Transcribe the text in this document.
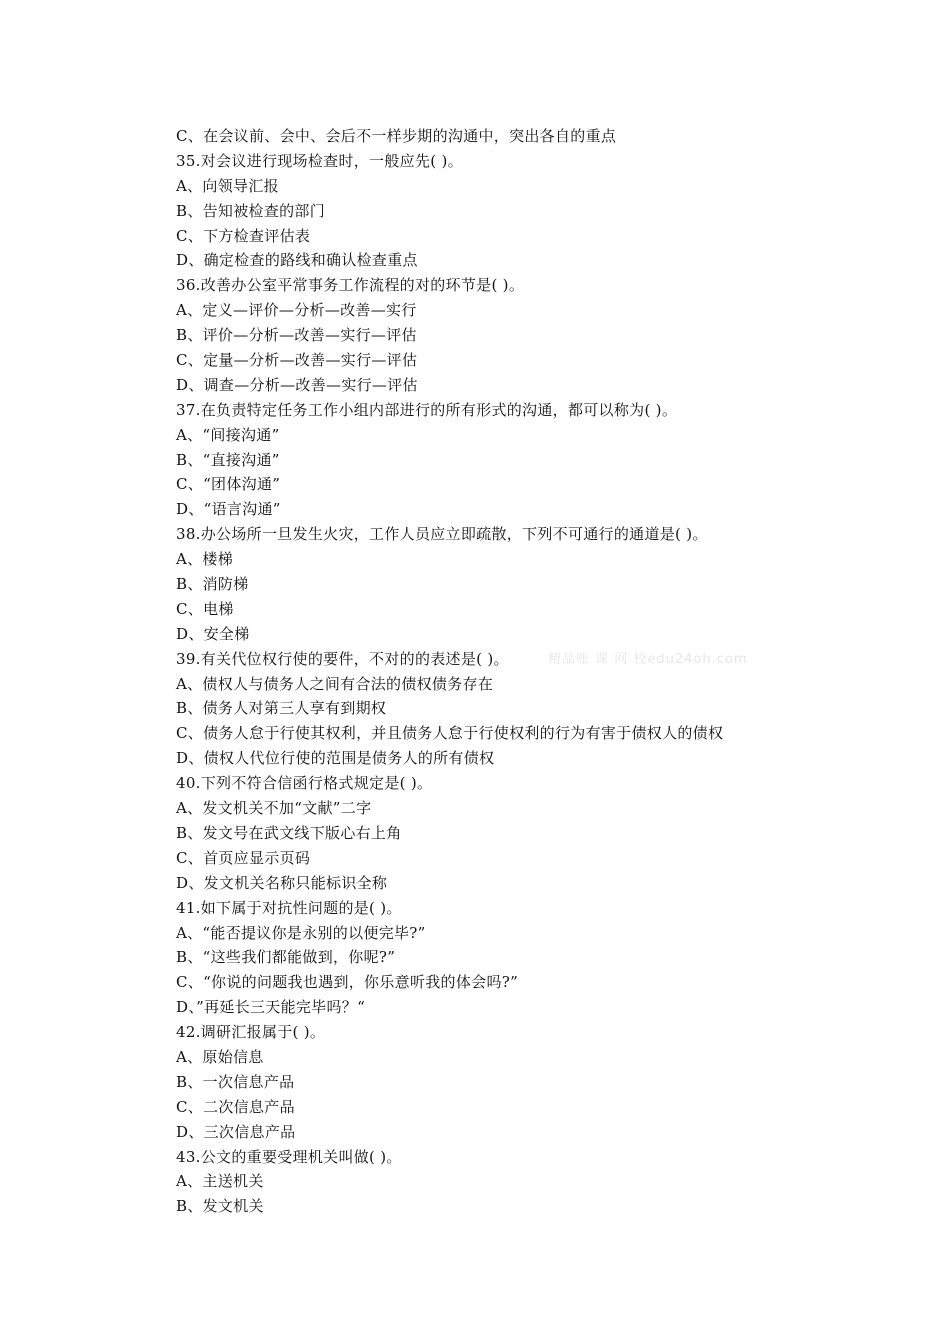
C、在会议前、会中、会后不一样步期的沟通中，突出各自的重点
35.对会议进行现场检查时，一般应先( )。
A、向领导汇报
B、告知被检查的部门
C、下方检查评估表
D、确定检查的路线和确认检查重点
36.改善办公室平常事务工作流程的对的环节是( )。
A、定义—评价—分析—改善—实行
B、评价—分析—改善—实行—评估
C、定量—分析—改善—实行—评估
D、调查—分析—改善—实行—评估
37.在负责特定任务工作小组内部进行的所有形式的沟通，都可以称为( )。
A、“间接沟通”
B、“直接沟通”
C、“团体沟通”
D、“语言沟通”
38.办公场所一旦发生火灾，工作人员应立即疏散，下列不可通行的通道是( )。
A、楼梯
B、消防梯
C、电梯
D、安全梯
39.有关代位权行使的要件，不对的的表述是( )。
A、债权人与债务人之间有合法的债权债务存在
B、债务人对第三人享有到期权
C、债务人怠于行使其权利，并且债务人怠于行使权利的行为有害于债权人的债权
D、债权人代位行使的范围是债务人的所有债权
40.下列不符合信函行格式规定是( )。
A、发文机关不加“文献”二字
B、发文号在武文线下版心右上角
C、首页应显示页码
D、发文机关名称只能标识全称
41.如下属于对抗性问题的是( )。
A、“能否提议你是永别的以便完毕?”
B、“这些我们都能做到，你呢?”
C、“你说的问题我也遇到，你乐意听我的体会吗?”
D、”再延长三天能完毕吗？“
42.调研汇报属于( )。
A、原始信息
B、一次信息产品
C、二次信息产品
D、三次信息产品
43.公文的重要受理机关叫做( )。
A、主送机关
B、发文机关
精品账 课 网 校edu24oh.com
